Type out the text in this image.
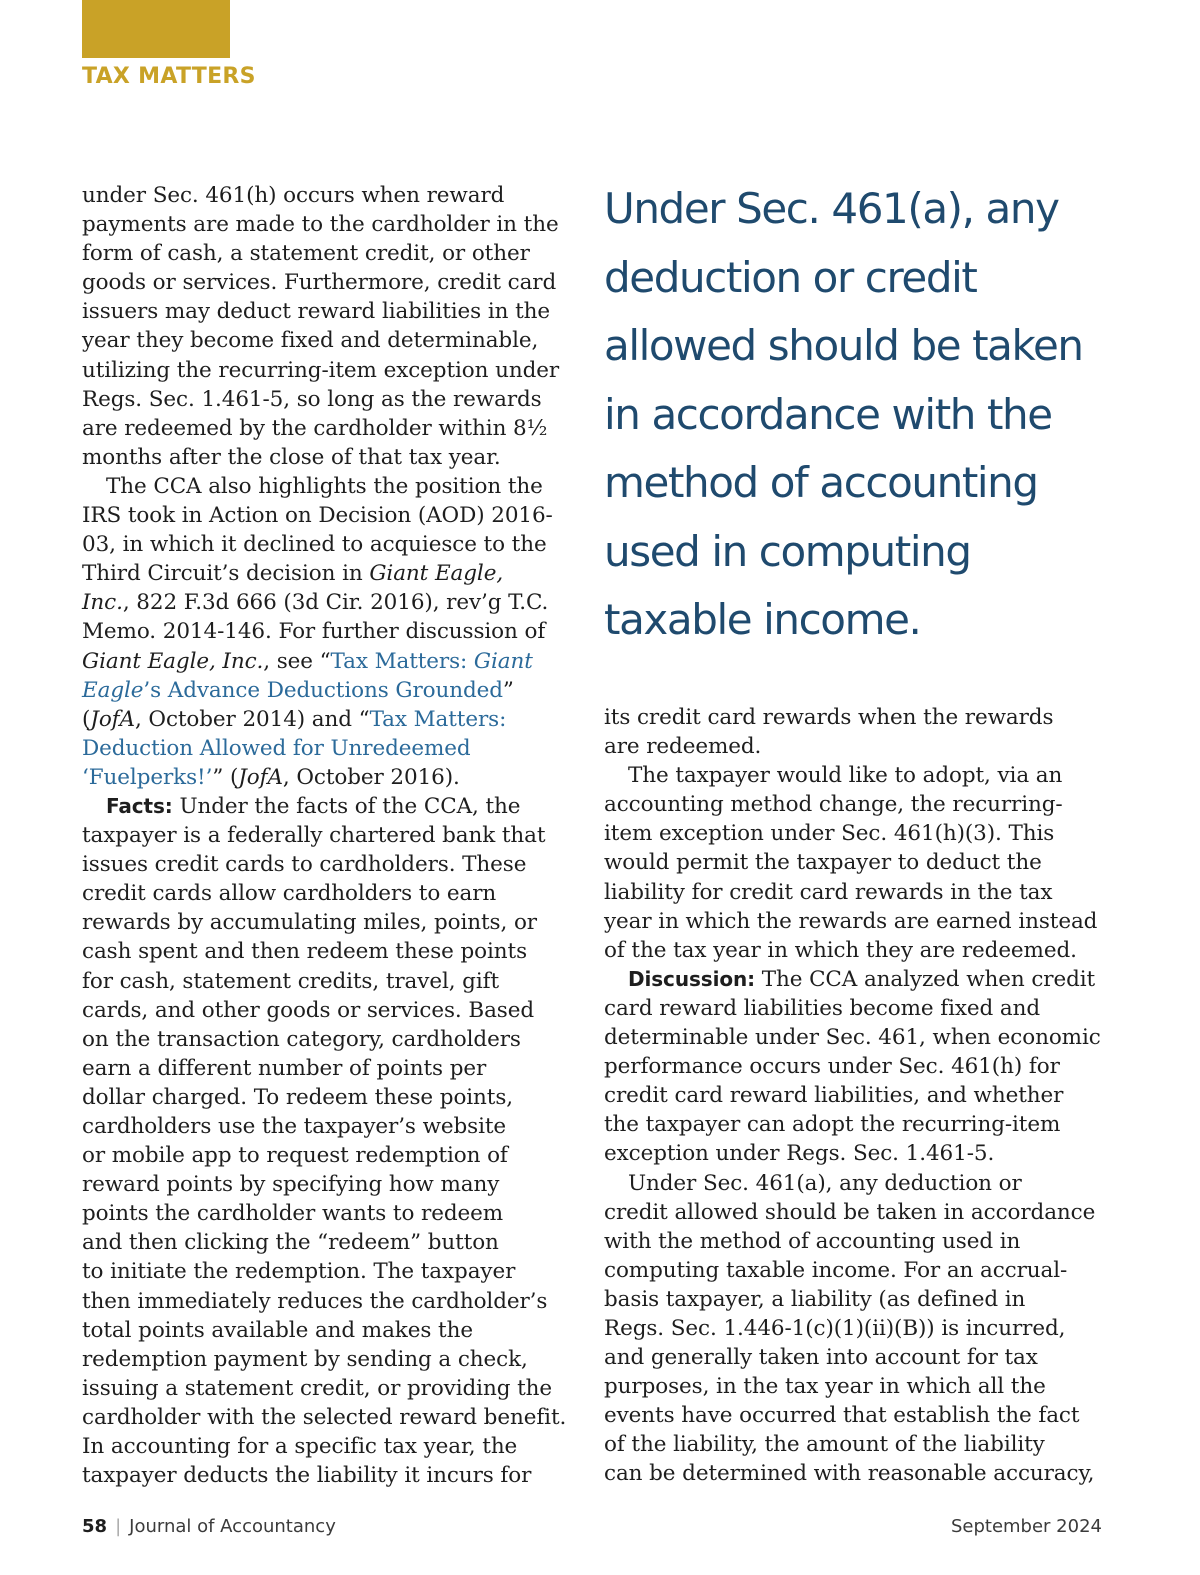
TAX MATTERS

under Sec. 461(h) occurs when reward
payments are made to the cardholder in the
form of cash, a statement credit, or other
goods or services. Furthermore, credit card
issuers may deduct reward liabilities in the
year they become fixed and determinable,
utilizing the recurring-item exception under
Regs. Sec. 1.461-5, so long as the rewards
are redeemed by the cardholder within 8½
months after the close of that tax year.

The CCA also highlights the position the
IRS took in Action on Decision (AOD) 2016-
03, in which it declined to acquiesce to the
Third Circuit’s decision in Giant Eagle,
Inc., 822 F.3d 666 (3d Cir. 2016), rev’g T.C.
Memo. 2014-146. For further discussion of
Giant Eagle, Inc., see “Tax Matters: Giant
Eagle’s Advance Deductions Grounded”
(JofA, October 2014) and “Tax Matters:
Deduction Allowed for Unredeemed
‘Fuelperks!’” (JofA, October 2016).

Facts: Under the facts of the CCA, the
taxpayer is a federally chartered bank that
issues credit cards to cardholders. These
credit cards allow cardholders to earn
rewards by accumulating miles, points, or
cash spent and then redeem these points
for cash, statement credits, travel, gift
cards, and other goods or services. Based
on the transaction category, cardholders
earn a different number of points per
dollar charged. To redeem these points,
cardholders use the taxpayer’s website
or mobile app to request redemption of
reward points by specifying how many
points the cardholder wants to redeem
and then clicking the “redeem” button
to initiate the redemption. The taxpayer
then immediately reduces the cardholder’s
total points available and makes the
redemption payment by sending a check,
issuing a statement credit, or providing the
cardholder with the selected reward benefit.
In accounting for a specific tax year, the
taxpayer deducts the liability it incurs for

Under Sec. 461(a), any
deduction or credit
allowed should be taken
in accordance with the
method of accounting
used in computing
taxable income.

its credit card rewards when the rewards
are redeemed.

The taxpayer would like to adopt, via an
accounting method change, the recurring-
item exception under Sec. 461(h)(3). This
would permit the taxpayer to deduct the
liability for credit card rewards in the tax
year in which the rewards are earned instead
of the tax year in which they are redeemed.

Discussion: The CCA analyzed when credit
card reward liabilities become fixed and
determinable under Sec. 461, when economic
performance occurs under Sec. 461(h) for
credit card reward liabilities, and whether
the taxpayer can adopt the recurring-item
exception under Regs. Sec. 1.461-5.

Under Sec. 461(a), any deduction or
credit allowed should be taken in accordance
with the method of accounting used in
computing taxable income. For an accrual-
basis taxpayer, a liability (as defined in
Regs. Sec. 1.446-1(c)(1)(ii)(B)) is incurred,
and generally taken into account for tax
purposes, in the tax year in which all the
events have occurred that establish the fact
of the liability, the amount of the liability
can be determined with reasonable accuracy,

58 | Journal of Accountancy	September 2024
